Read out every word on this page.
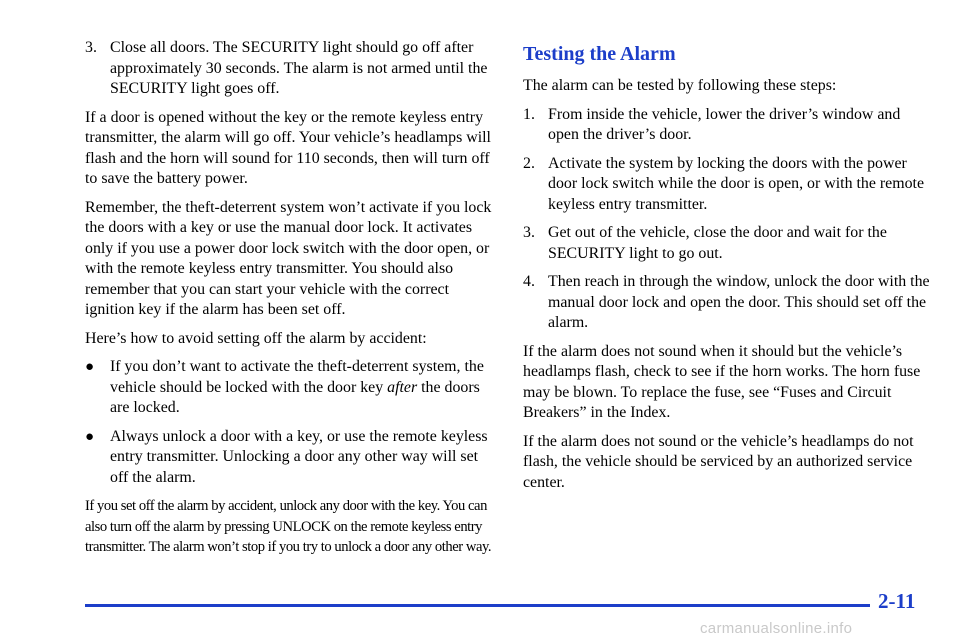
3. Close all doors. The SECURITY light should go off after approximately 30 seconds. The alarm is not armed until the SECURITY light goes off.

If a door is opened without the key or the remote keyless entry transmitter, the alarm will go off. Your vehicle’s headlamps will flash and the horn will sound for 110 seconds, then will turn off to save the battery power.

Remember, the theft‑deterrent system won’t activate if you lock the doors with a key or use the manual door lock. It activates only if you use a power door lock switch with the door open, or with the remote keyless entry transmitter. You should also remember that you can start your vehicle with the correct ignition key if the alarm has been set off.

Here’s how to avoid setting off the alarm by accident:

● If you don’t want to activate the theft‑deterrent system, the vehicle should be locked with the door key after the doors are locked.
● Always unlock a door with a key, or use the remote keyless entry transmitter. Unlocking a door any other way will set off the alarm.

If you set off the alarm by accident, unlock any door with the key. You can also turn off the alarm by pressing UNLOCK on the remote keyless entry transmitter. The alarm won’t stop if you try to unlock a door any other way.

Testing the Alarm

The alarm can be tested by following these steps:

1. From inside the vehicle, lower the driver’s window and open the driver’s door.
2. Activate the system by locking the doors with the power door lock switch while the door is open, or with the remote keyless entry transmitter.
3. Get out of the vehicle, close the door and wait for the SECURITY light to go out.
4. Then reach in through the window, unlock the door with the manual door lock and open the door. This should set off the alarm.

If the alarm does not sound when it should but the vehicle’s headlamps flash, check to see if the horn works. The horn fuse may be blown. To replace the fuse, see “Fuses and Circuit Breakers” in the Index.

If the alarm does not sound or the vehicle’s headlamps do not flash, the vehicle should be serviced by an authorized service center.

2-11
carmanualsonline.info
